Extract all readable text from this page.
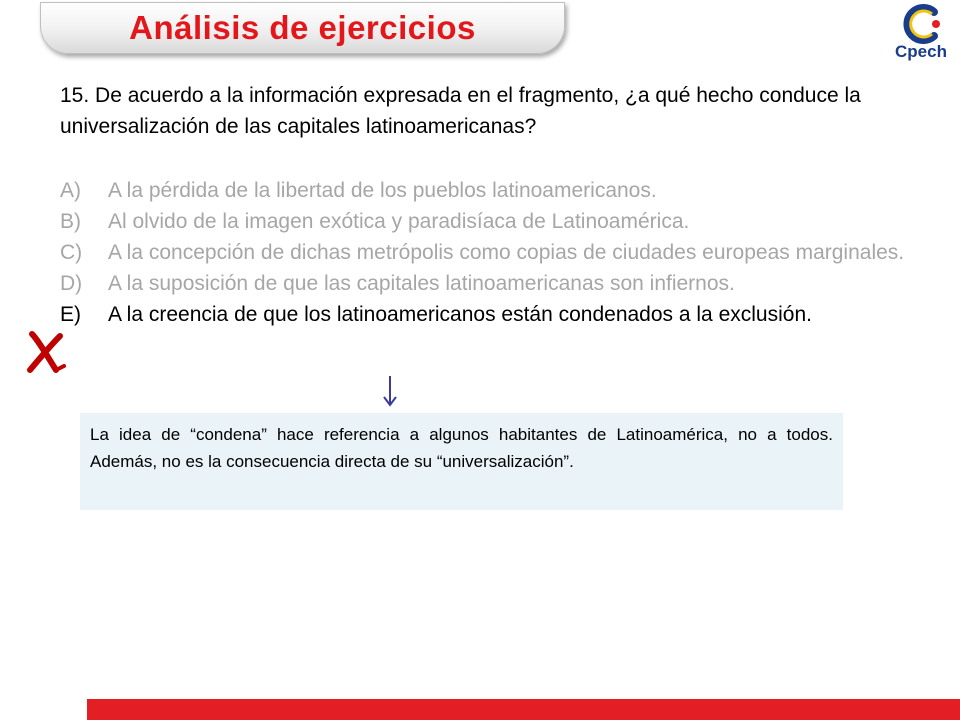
Análisis de ejercicios
Cpech
15. De acuerdo a la información expresada en el fragmento, ¿a qué hecho conduce la universalización de las capitales latinoamericanas?
A)	A la pérdida de la libertad de los pueblos latinoamericanos.
B)	Al olvido de la imagen exótica y paradisíaca de Latinoamérica.
C)	A la concepción de dichas metrópolis como copias de ciudades europeas marginales.
D)	A la suposición de que las capitales latinoamericanas son infiernos.
E)	A la creencia de que los latinoamericanos están condenados a la exclusión.
La idea de “condena” hace referencia a algunos habitantes de Latinoamérica, no a todos. Además, no es la consecuencia directa de su “universalización”.
